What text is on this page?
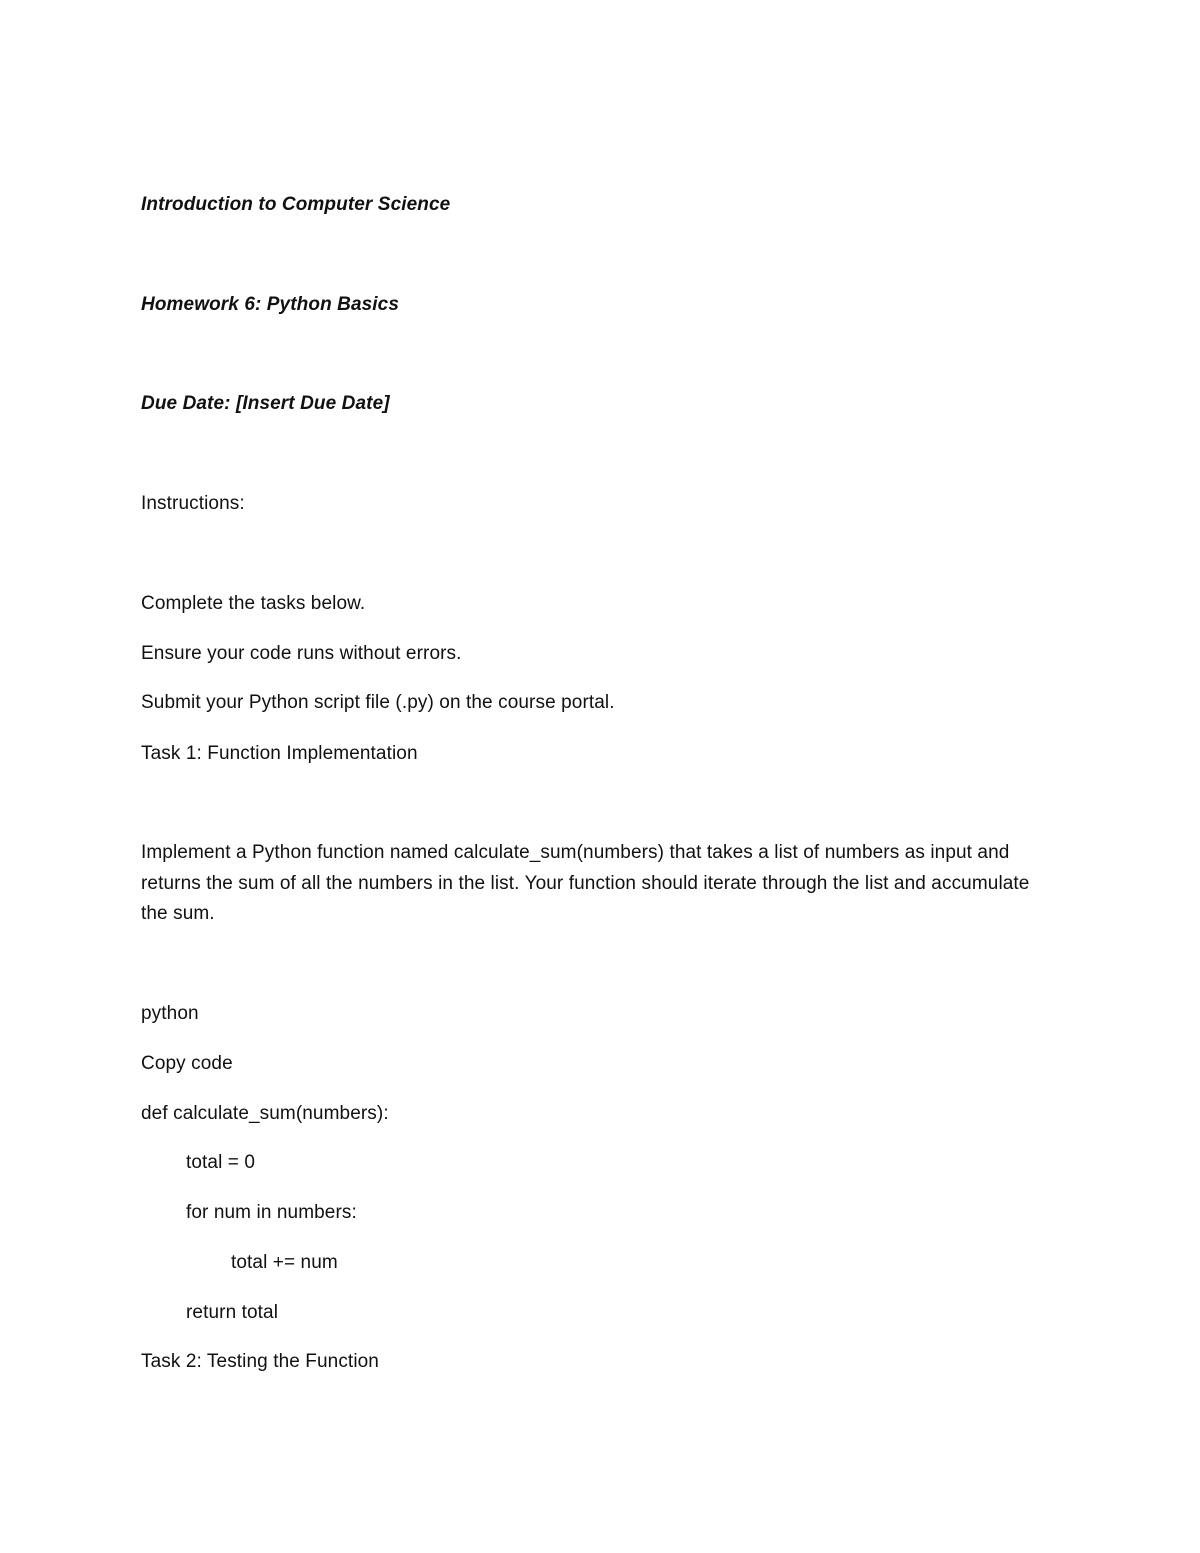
Introduction to Computer Science
Homework 6: Python Basics
Due Date: [Insert Due Date]
Instructions:
Complete the tasks below.
Ensure your code runs without errors.
Submit your Python script file (.py) on the course portal.
Task 1: Function Implementation
Implement a Python function named calculate_sum(numbers) that takes a list of numbers as input and returns the sum of all the numbers in the list. Your function should iterate through the list and accumulate the sum.
python
Copy code
def calculate_sum(numbers):
total = 0
for num in numbers:
total += num
return total
Task 2: Testing the Function
